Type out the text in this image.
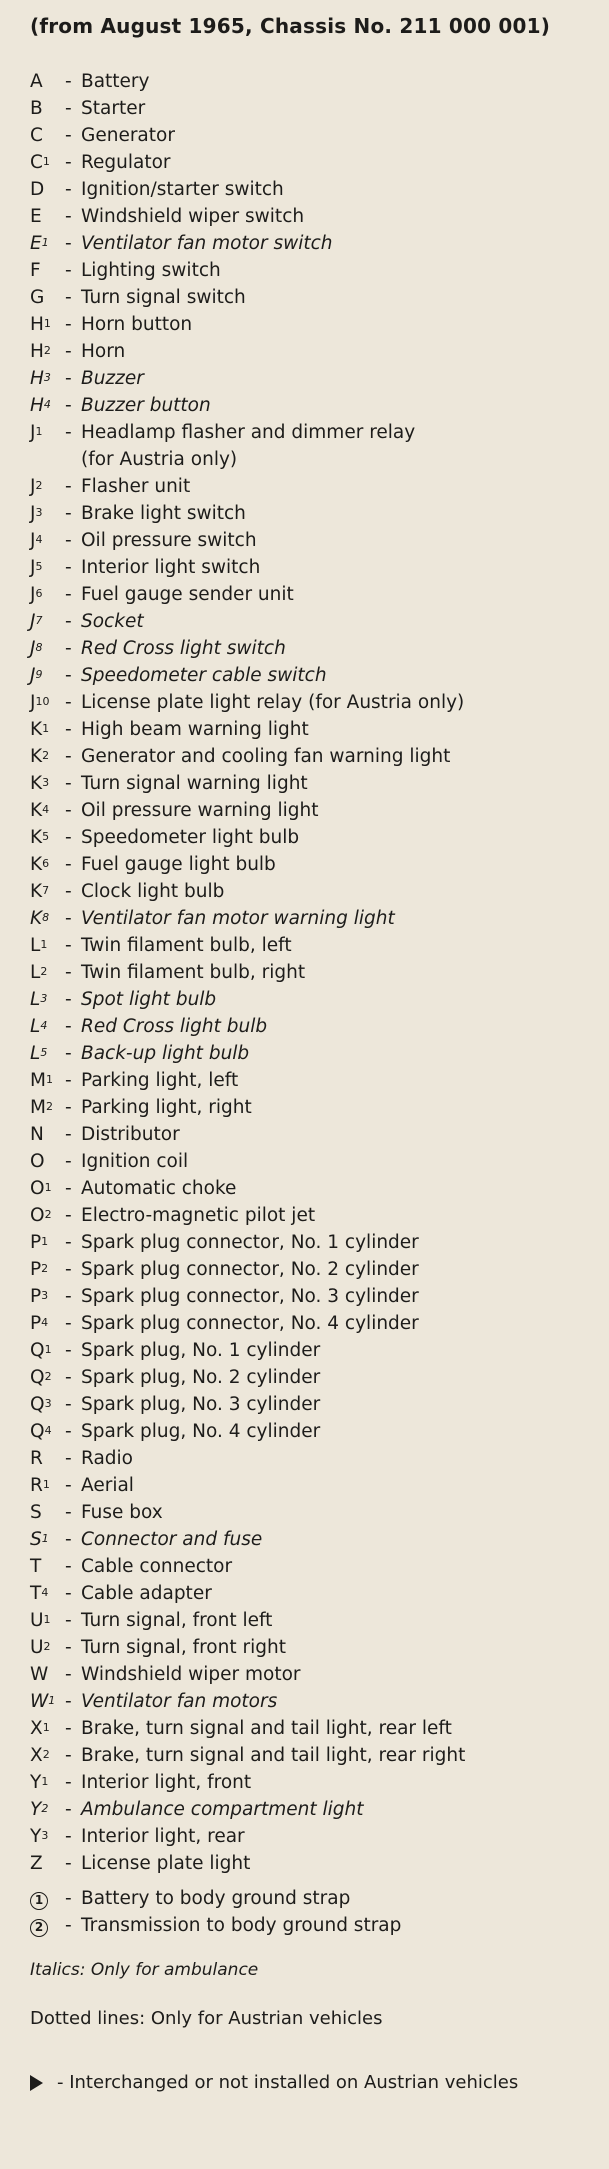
(from August 1965, Chassis No. 211 000 001)
A	- Battery
B	- Starter
C	- Generator
$C^1$ - Regulator
D	- Ignition/starter switch
E	- Windshield wiper switch
$E^1$ - Ventilator fan motor switch
F	- Lighting switch
G	- Turn signal switch
$H^1$ - Horn button
$H^2$ - Horn
$H^3$ - Buzzer
$H^4$ - Buzzer button
$J^1$	- Headlamp flasher and dimmer relay
(for Austria only)
$J^2$	- Flasher unit
$J^3$	- Brake light switch
$J^4$	- Oil pressure switch
$J^5$	- Interior light switch
$J^6$	- Fuel gauge sender unit
$J^7$	- Socket
$J^8$	- Red Cross light switch
$J^9$	- Speedometer cable switch
$J^{10}$ - License plate light relay (for Austria only)
$K^1$ - High beam warning light
$K^2$ - Generator and cooling fan warning light
$K^3$ - Turn signal warning light
$K^4$ - Oil pressure warning light
$K^5$ - Speedometer light bulb
$K^6$ - Fuel gauge light bulb
$K^7$ - Clock light bulb
$K^8$ - Ventilator fan motor warning light
$L^1$ - Twin filament bulb, left
$L^2$ - Twin filament bulb, right
$L^3$ - Spot light bulb
$L^4$ - Red Cross light bulb
$L^5$ - Back-up light bulb
$M^1$ - Parking light, left
$M^2$ - Parking light, right
N	- Distributor
O	- Ignition coil
$O^1$ - Automatic choke
$O^2$ - Electro-magnetic pilot jet
$P^1$ - Spark plug connector, No. 1 cylinder
$P^2$ - Spark plug connector, No. 2 cylinder
$P^3$ - Spark plug connector, No. 3 cylinder
$P^4$ - Spark plug connector, No. 4 cylinder
$Q^1$ - Spark plug, No. 1 cylinder
$Q^2$ - Spark plug, No. 2 cylinder
$Q^3$ - Spark plug, No. 3 cylinder
$Q^4$ - Spark plug, No. 4 cylinder
R	- Radio
$R^1$ - Aerial
S	- Fuse box
$S^1$ - Connector and fuse
T	- Cable connector
$T^4$ - Cable adapter
$U^1$ - Turn signal, front left
$U^2$ - Turn signal, front right
W - Windshield wiper motor
$W^1$ - Ventilator fan motors
$X^1$ - Brake, turn signal and tail light, rear left
$X^2$ - Brake, turn signal and tail light, rear right
$Y^1$ - Interior light, front
$Y^2$ - Ambulance compartment light
$Y^3$ - Interior light, rear
Z	- License plate light
1	- Battery to body ground strap
2	- Transmission to body ground strap
Italics: Only for ambulance
Dotted lines: Only for Austrian vehicles
- Interchanged or not installed on Austrian vehicles
